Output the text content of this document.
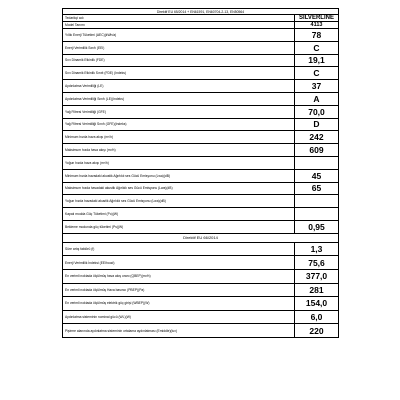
Direktif EU 65/2014 + EN61591, EN60704-2-13, EN50564	
Tedarikçi adı	SILVERLINE
Model Tanımı	4113
Yıllık Enerji Tüketimi (AEC)(kWh/a)	78
Enerji Verimlilik Sınıfı (EEI)	C
Sıvı Dinamik Etkinlik (FDE)	19,1
Sıvı Dinamik Etkinlik Sınıfı (FDE) (Indeks)	C
Aydınlatma Verimliliği (LE)	37
Aydınlatma Verimliliği Sınıfı (LE)(Indeks)	A
Yağ Filtresi Verimliliği (GFE)	70,0
Yağ Filtresi Verimliliği Sınıfı (GFE)(Indeks)	D
Minimum hızda hava akışı (m³/h)	242
Maksimum hızda hava akışı (m³/h)	609
Yoğun hızda hava akışı (m³/h)	
Minimum hızda havadaki akustik Ağırlıklı ses Gücü Emisyonu (Lwa)(dB)	45
Maksimum hızda havadaki akustik Ağırlıklı ses Gücü Emisyonu (Lwa)(dB)	65
Yoğun hızda havadaki akustik Ağırlıklı ses Gücü Emisyonu (Lwa)(dB)	
Kapalı modda Güç Tüketimi (Po)(W)	
Bekleme modunda güç tüketimi (Ps)(W)	0,95
Direktif EU 66/2014	
Süre artış faktörü (f)	1,3
Enerji Verimlilik İndeksi (EEIhood)	75,6
En verimli noktada ölçülmüş hava akış oranı (QBEP)(m³/h)	377,0
En verimli noktada ölçülmüş Hava basıncı (PBEP)(Pa)	281
En verimli noktada ölçülmüş elektrik güç girişi (WBEP)(W)	154,0
Aydınlatma sisteminin nominal gücü (WL)(W)	6,0
Pişirme alanında aydınlatma sisteminin ortalama aydınlatması (Emiddle)(lux)	220
